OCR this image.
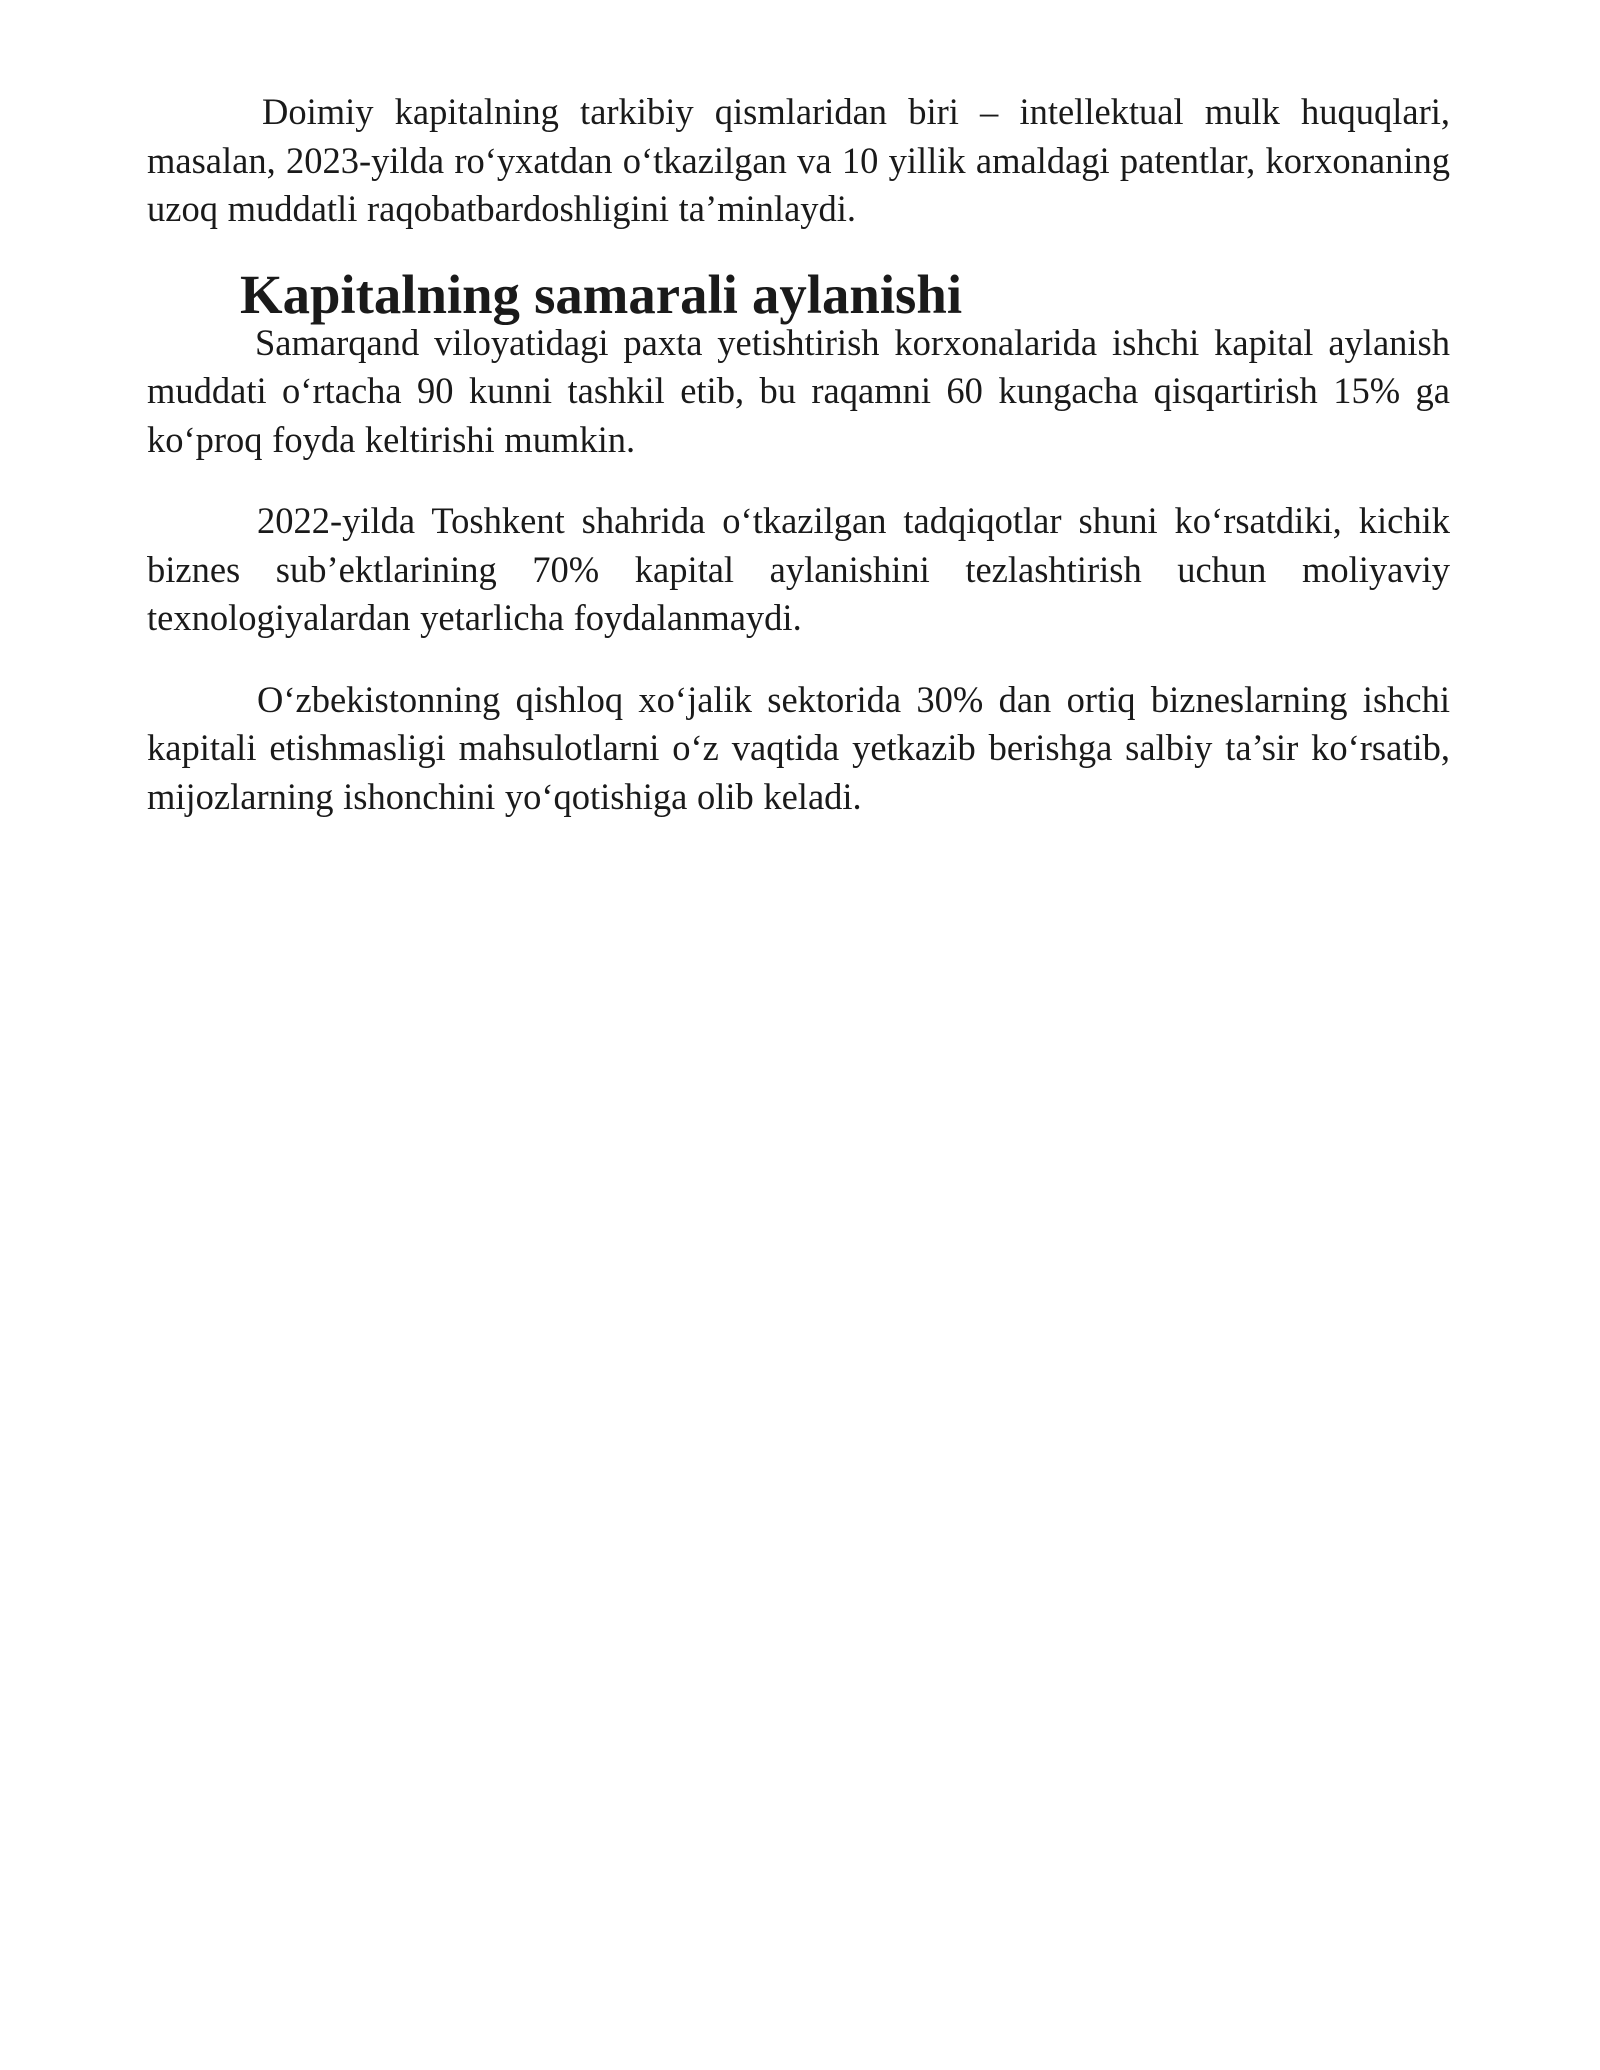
Doimiy kapitalning tarkibiy qismlaridan biri – intellektual mulk huquqlari, masalan, 2023-yilda ro‘yxatdan o‘tkazilgan va 10 yillik amaldagi patentlar, korxonaning uzoq muddatli raqobatbardoshligini ta’minlaydi.

Kapitalning samarali aylanishi

Samarqand viloyatidagi paxta yetishtirish korxonalarida ishchi kapital aylanish muddati o‘rtacha 90 kunni tashkil etib, bu raqamni 60 kungacha qisqartirish 15% ga ko‘proq foyda keltirishi mumkin.

2022-yilda Toshkent shahrida o‘tkazilgan tadqiqotlar shuni ko‘rsatdiki, kichik biznes sub’ektlarining 70% kapital aylanishini tezlashtirish uchun moliyaviy texnologiyalardan yetarlicha foydalanmaydi.

O‘zbekistonning qishloq xo‘jalik sektorida 30% dan ortiq bizneslarning ishchi kapitali etishmasligi mahsulotlarni o‘z vaqtida yetkazib berishga salbiy ta’sir ko‘rsatib, mijozlarning ishonchini yo‘qotishiga olib keladi.
